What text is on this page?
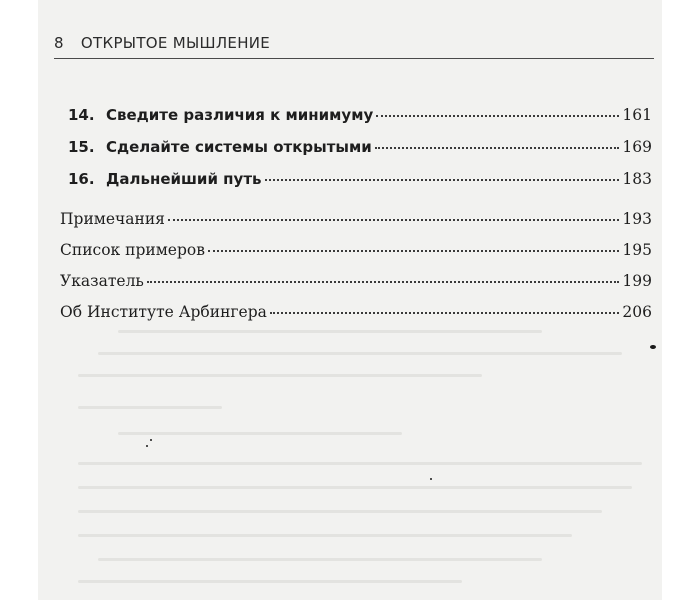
8 ОТКРЫТОЕ МЫШЛЕНИЕ
14. Сведите различия к минимуму	161
15. Сделайте системы открытыми	169
16. Дальнейший путь	183
Примечания	193
Список примеров	195
Указатель	199
Об Институте Арбингера	206
